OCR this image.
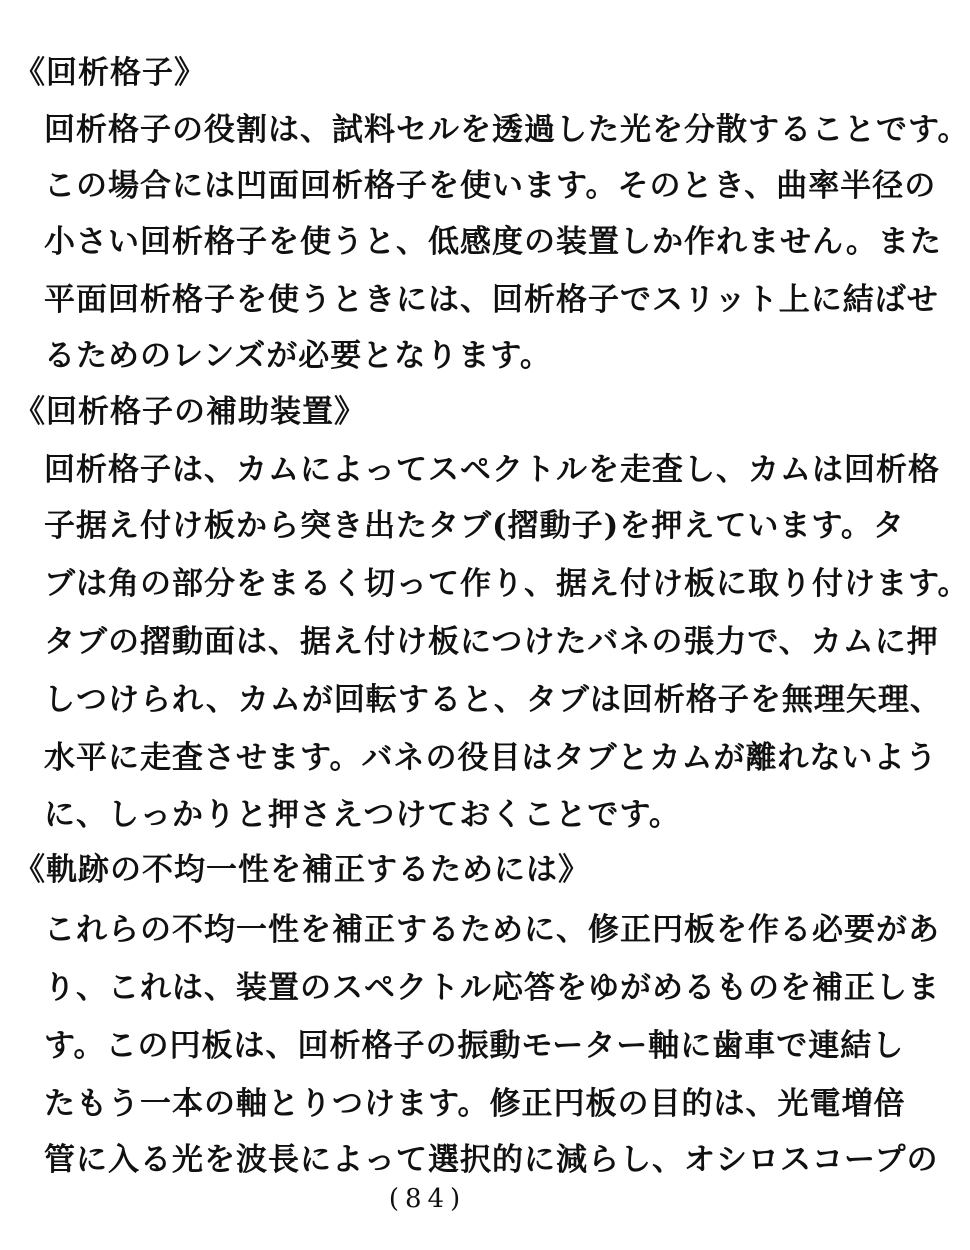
《回析格子》
回析格子の役割は、試料セルを透過した光を分散することです。
この場合には凹面回析格子を使います。そのとき、曲率半径の
小さい回析格子を使うと、低感度の装置しか作れません。また
平面回析格子を使うときには、回析格子でスリット上に結ばせ
るためのレンズが必要となります。
《回析格子の補助装置》
回析格子は、カムによってスペクトルを走査し、カムは回析格
子据え付け板から突き出たタブ(摺動子)を押えています。タ
ブは角の部分をまるく切って作り、据え付け板に取り付けます。
タブの摺動面は、据え付け板につけたバネの張力で、カムに押
しつけられ、カムが回転すると、タブは回析格子を無理矢理、
水平に走査させます。バネの役目はタブとカムが離れないよう
に、しっかりと押さえつけておくことです。
《軌跡の不均一性を補正するためには》
これらの不均一性を補正するために、修正円板を作る必要があ
り、これは、装置のスペクトル応答をゆがめるものを補正しま
す。この円板は、回析格子の振動モーター軸に歯車で連結し
たもう一本の軸とりつけます。修正円板の目的は、光電増倍
管に入る光を波長によって選択的に減らし、オシロスコープの
(84)
